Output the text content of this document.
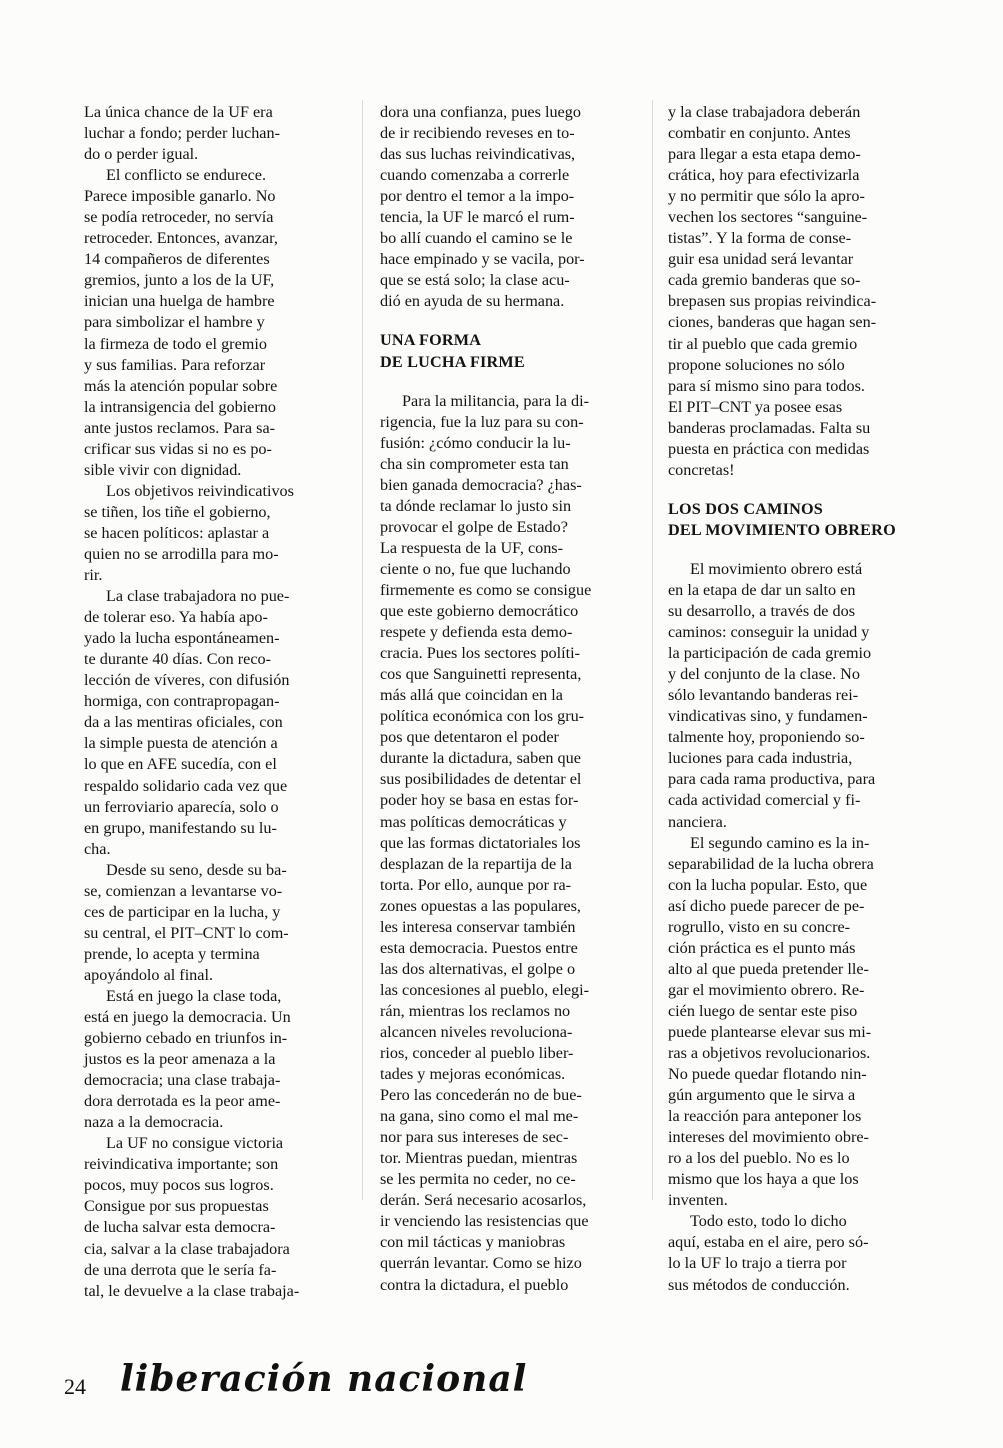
La única chance de la UF era
luchar a fondo; perder luchan-
do o perder igual.
El conflicto se endurece.
Parece imposible ganarlo. No
se podía retroceder, no servía
retroceder. Entonces, avanzar,
14 compañeros de diferentes
gremios, junto a los de la UF,
inician una huelga de hambre
para simbolizar el hambre y
la firmeza de todo el gremio
y sus familias. Para reforzar
más la atención popular sobre
la intransigencia del gobierno
ante justos reclamos. Para sa-
crificar sus vidas si no es po-
sible vivir con dignidad.
Los objetivos reivindicativos
se tiñen, los tiñe el gobierno,
se hacen políticos: aplastar a
quien no se arrodilla para mo-
rir.
La clase trabajadora no pue-
de tolerar eso. Ya había apo-
yado la lucha espontáneamen-
te durante 40 días. Con reco-
lección de víveres, con difusión
hormiga, con contrapropagan-
da a las mentiras oficiales, con
la simple puesta de atención a
lo que en AFE sucedía, con el
respaldo solidario cada vez que
un ferroviario aparecía, solo o
en grupo, manifestando su lu-
cha.
Desde su seno, desde su ba-
se, comienzan a levantarse vo-
ces de participar en la lucha, y
su central, el PIT–CNT lo com-
prende, lo acepta y termina
apoyándolo al final.
Está en juego la clase toda,
está en juego la democracia. Un
gobierno cebado en triunfos in-
justos es la peor amenaza a la
democracia; una clase trabaja-
dora derrotada es la peor ame-
naza a la democracia.
La UF no consigue victoria
reivindicativa importante; son
pocos, muy pocos sus logros.
Consigue por sus propuestas
de lucha salvar esta democra-
cia, salvar a la clase trabajadora
de una derrota que le sería fa-
tal, le devuelve a la clase trabaja-
dora una confianza, pues luego
de ir recibiendo reveses en to-
das sus luchas reivindicativas,
cuando comenzaba a correrle
por dentro el temor a la impo-
tencia, la UF le marcó el rum-
bo allí cuando el camino se le
hace empinado y se vacila, por-
que se está solo; la clase acu-
dió en ayuda de su hermana.
UNA FORMA
DE LUCHA FIRME
Para la militancia, para la di-
rigencia, fue la luz para su con-
fusión: ¿cómo conducir la lu-
cha sin comprometer esta tan
bien ganada democracia? ¿has-
ta dónde reclamar lo justo sin
provocar el golpe de Estado?
La respuesta de la UF, cons-
ciente o no, fue que luchando
firmemente es como se consigue
que este gobierno democrático
respete y defienda esta demo-
cracia. Pues los sectores políti-
cos que Sanguinetti representa,
más allá que coincidan en la
política económica con los gru-
pos que detentaron el poder
durante la dictadura, saben que
sus posibilidades de detentar el
poder hoy se basa en estas for-
mas políticas democráticas y
que las formas dictatoriales los
desplazan de la repartija de la
torta. Por ello, aunque por ra-
zones opuestas a las populares,
les interesa conservar también
esta democracia. Puestos entre
las dos alternativas, el golpe o
las concesiones al pueblo, elegi-
rán, mientras los reclamos no
alcancen niveles revoluciona-
rios, conceder al pueblo liber-
tades y mejoras económicas.
Pero las concederán no de bue-
na gana, sino como el mal me-
nor para sus intereses de sec-
tor. Mientras puedan, mientras
se les permita no ceder, no ce-
derán. Será necesario acosarlos,
ir venciendo las resistencias que
con mil tácticas y maniobras
querrán levantar. Como se hizo
contra la dictadura, el pueblo
y la clase trabajadora deberán
combatir en conjunto. Antes
para llegar a esta etapa demo-
crática, hoy para efectivizarla
y no permitir que sólo la apro-
vechen los sectores “sanguine-
tistas”. Y la forma de conse-
guir esa unidad será levantar
cada gremio banderas que so-
brepasen sus propias reivindica-
ciones, banderas que hagan sen-
tir al pueblo que cada gremio
propone soluciones no sólo
para sí mismo sino para todos.
El PIT–CNT ya posee esas
banderas proclamadas. Falta su
puesta en práctica con medidas
concretas!
LOS DOS CAMINOS
DEL MOVIMIENTO OBRERO
El movimiento obrero está
en la etapa de dar un salto en
su desarrollo, a través de dos
caminos: conseguir la unidad y
la participación de cada gremio
y del conjunto de la clase. No
sólo levantando banderas rei-
vindicativas sino, y fundamen-
talmente hoy, proponiendo so-
luciones para cada industria,
para cada rama productiva, para
cada actividad comercial y fi-
nanciera.
El segundo camino es la in-
separabilidad de la lucha obrera
con la lucha popular. Esto, que
así dicho puede parecer de pe-
rogrullo, visto en su concre-
ción práctica es el punto más
alto al que pueda pretender lle-
gar el movimiento obrero. Re-
cién luego de sentar este piso
puede plantearse elevar sus mi-
ras a objetivos revolucionarios.
No puede quedar flotando nin-
gún argumento que le sirva a
la reacción para anteponer los
intereses del movimiento obre-
ro a los del pueblo. No es lo
mismo que los haya a que los
inventen.
Todo esto, todo lo dicho
aquí, estaba en el aire, pero só-
lo la UF lo trajo a tierra por
sus métodos de conducción.
24 liberación nacional
